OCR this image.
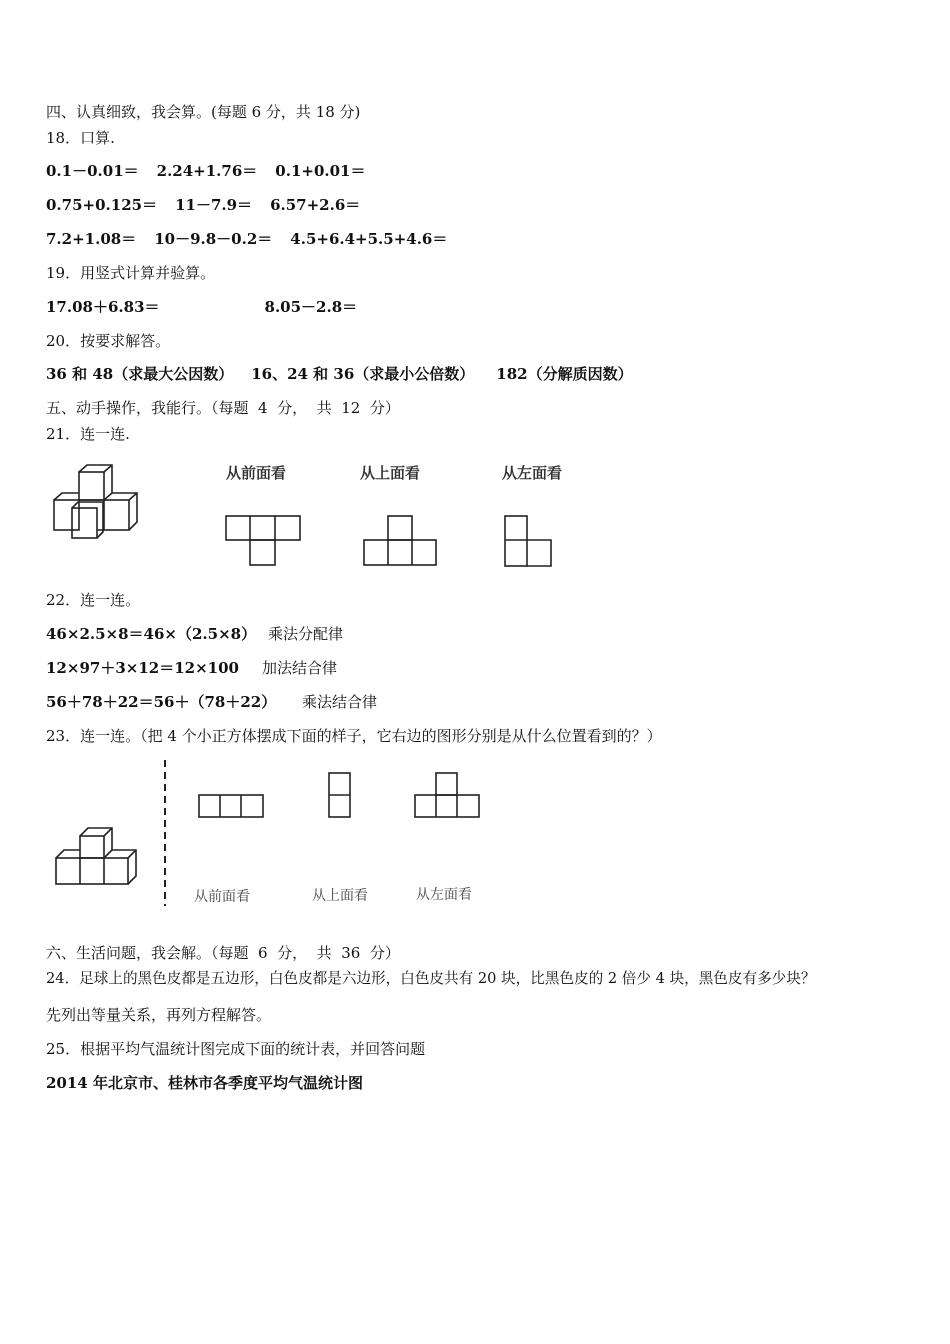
四、认真细致，我会算。(每题 6 分，共 18 分)
18．口算.
0.1－0.01＝ 2.24+1.76＝ 0.1+0.01＝
0.75+0.125＝ 11－7.9＝ 6.57+2.6＝
7.2+1.08＝ 10－9.8－0.2＝ 4.5+6.4+5.5+4.6＝
19．用竖式计算并验算。
17.08＋6.83＝	8.05－2.8＝
20．按要求解答。
36 和 48（求最大公因数） 16、24 和 36（求最小公倍数） 182（分解质因数）
五、动手操作，我能行。（每题  4  分，  共  12  分）
21．连一连.
从前面看	从上面看	从左面看
22．连一连。
46×2.5×8＝46×（2.5×8） 乘法分配律
12×97＋3×12＝12×100 加法结合律
56＋78＋22＝56＋（78＋22） 乘法结合律
23．连一连。（把 4 个小正方体摆成下面的样子，它右边的图形分别是从什么位置看到的？）
从前面看	从上面看	从左面看
六、生活问题，我会解。（每题  6  分，  共  36  分）
24．足球上的黑色皮都是五边形，白色皮都是六边形，白色皮共有 20 块，比黑色皮的 2 倍少 4 块，黑色皮有多少块？
先列出等量关系，再列方程解答。
25．根据平均气温统计图完成下面的统计表，并回答问题
2014 年北京市、桂林市各季度平均气温统计图
